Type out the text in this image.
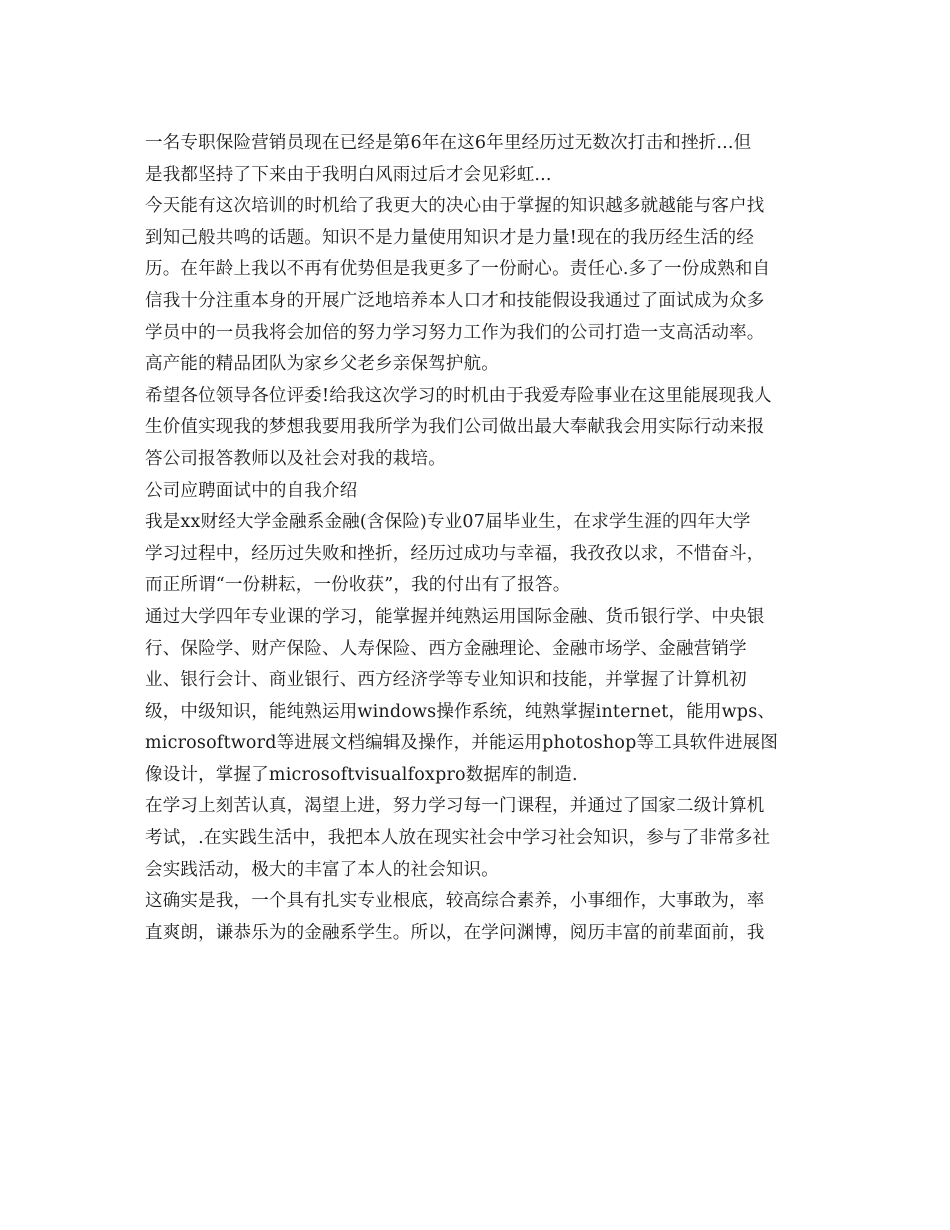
一名专职保险营销员现在已经是第6年在这6年里经历过无数次打击和挫折...但
是我都坚持了下来由于我明白风雨过后才会见彩虹...
今天能有这次培训的时机给了我更大的决心由于掌握的知识越多就越能与客户找
到知己般共鸣的话题。知识不是力量使用知识才是力量!现在的我历经生活的经
历。在年龄上我以不再有优势但是我更多了一份耐心。责任心.多了一份成熟和自
信我十分注重本身的开展广泛地培养本人口才和技能假设我通过了面试成为众多
学员中的一员我将会加倍的努力学习努力工作为我们的公司打造一支高活动率。
高产能的精品团队为家乡父老乡亲保驾护航。
希望各位领导各位评委!给我这次学习的时机由于我爱寿险事业在这里能展现我人
生价值实现我的梦想我要用我所学为我们公司做出最大奉献我会用实际行动来报
答公司报答教师以及社会对我的栽培。
公司应聘面试中的自我介绍
我是xx财经大学金融系金融(含保险)专业07届毕业生，在求学生涯的四年大学
学习过程中，经历过失败和挫折，经历过成功与幸福，我孜孜以求，不惜奋斗，
而正所谓“一份耕耘，一份收获”，我的付出有了报答。
通过大学四年专业课的学习，能掌握并纯熟运用国际金融、货币银行学、中央银
行、保险学、财产保险、人寿保险、西方金融理论、金融市场学、金融营销学
业、银行会计、商业银行、西方经济学等专业知识和技能，并掌握了计算机初
级，中级知识，能纯熟运用windows操作系统，纯熟掌握internet，能用wps、
microsoftword等进展文档编辑及操作，并能运用photoshop等工具软件进展图
像设计，掌握了microsoftvisualfoxpro数据库的制造.
在学习上刻苦认真，渴望上进，努力学习每一门课程，并通过了国家二级计算机
考试，.在实践生活中，我把本人放在现实社会中学习社会知识，参与了非常多社
会实践活动，极大的丰富了本人的社会知识。
这确实是我，一个具有扎实专业根底，较高综合素养，小事细作，大事敢为，率
直爽朗，谦恭乐为的金融系学生。所以，在学问渊博，阅历丰富的前辈面前，我
